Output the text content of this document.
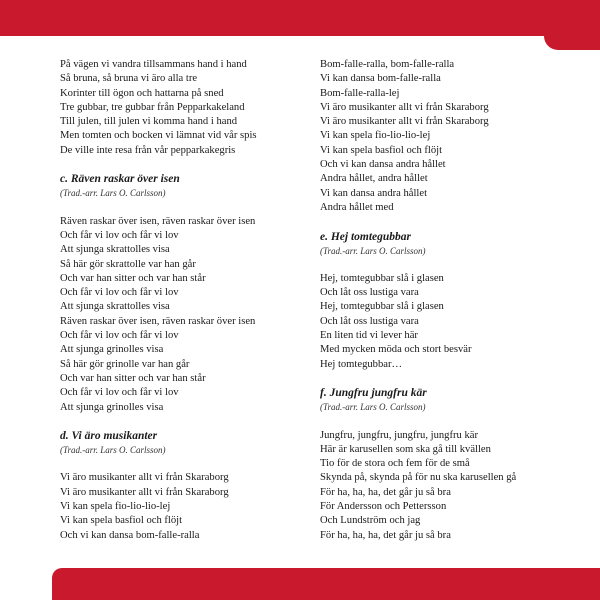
På vägen vi vandra tillsammans hand i hand
Så bruna, så bruna vi äro alla tre
Korinter till ögon och hattarna på sned
Tre gubbar, tre gubbar från Pepparkakeland
Till julen, till julen vi komma hand i hand
Men tomten och bocken vi lämnat vid vår spis
De ville inte resa från vår pepparkakegris
c. Räven raskar över isen
(Trad.-arr. Lars O. Carlsson)
Räven raskar över isen, räven raskar över isen
Och får vi lov och får vi lov
Att sjunga skrattolles visa
Så här gör skrattolle var han går
Och var han sitter och var han står
Och får vi lov och får vi lov
Att sjunga skrattolles visa
Räven raskar över isen, räven raskar över isen
Och får vi lov och får vi lov
Att sjunga grinolles visa
Så här gör grinolle var han går
Och var han sitter och var han står
Och får vi lov och får vi lov
Att sjunga grinolles visa
d. Vi äro musikanter
(Trad.-arr. Lars O. Carlsson)
Vi äro musikanter allt vi från Skaraborg
Vi äro musikanter allt vi från Skaraborg
Vi kan spela fio-lio-lio-lej
Vi kan spela basfiol och flöjt
Och vi kan dansa bom-falle-ralla
Bom-falle-ralla, bom-falle-ralla
Vi kan dansa bom-falle-ralla
Bom-falle-ralla-lej
Vi äro musikanter allt vi från Skaraborg
Vi äro musikanter allt vi från Skaraborg
Vi kan spela fio-lio-lio-lej
Vi kan spela basfiol och flöjt
Och vi kan dansa andra hållet
Andra hållet, andra hållet
Vi kan dansa andra hållet
Andra hållet med
e. Hej tomtegubbar
(Trad.-arr. Lars O. Carlsson)
Hej, tomtegubbar slå i glasen
Och låt oss lustiga vara
Hej, tomtegubbar slå i glasen
Och låt oss lustiga vara
En liten tid vi lever här
Med mycken möda och stort besvär
Hej tomtegubbar…
f. Jungfru jungfru kär
(Trad.-arr. Lars O. Carlsson)
Jungfru, jungfru, jungfru, jungfru kär
Här är karusellen som ska gå till kvällen
Tio för de stora och fem för de små
Skynda på, skynda på för nu ska karusellen gå
För ha, ha, ha, det går ju så bra
För Andersson och Pettersson
Och Lundström och jag
För ha, ha, ha, det går ju så bra
